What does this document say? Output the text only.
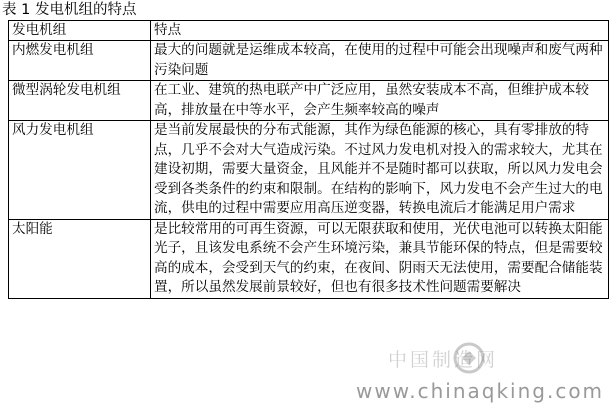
表 1 发电机组的特点
发电机组	特点
内燃发电机组	最大的问题就是运维成本较高，在使用的过程中可能会出现噪声和废气两种污染问题
微型涡轮发电机组	在工业、建筑的热电联产中广泛应用，虽然安装成本不高，但维护成本较高，排放量在中等水平，会产生频率较高的噪声
风力发电机组	是当前发展最快的分布式能源，其作为绿色能源的核心，具有零排放的特点，几乎不会对大气造成污染。不过风力发电机对投入的需求较大，尤其在建设初期，需要大量资金，且风能并不是随时都可以获取，所以风力发电会受到各类条件的约束和限制。在结构的影响下，风力发电不会产生过大的电流，供电的过程中需要应用高压逆变器，转换电流后才能满足用户需求
太阳能	是比较常用的可再生资源，可以无限获取和使用，光伏电池可以转换太阳能光子，且该发电系统不会产生环境污染，兼具节能环保的特点，但是需要较高的成本，会受到天气的约束，在夜间、阴雨天无法使用，需要配合储能装置，所以虽然发展前景较好，但也有很多技术性问题需要解决
中国制造网
www.chinaqking.com
